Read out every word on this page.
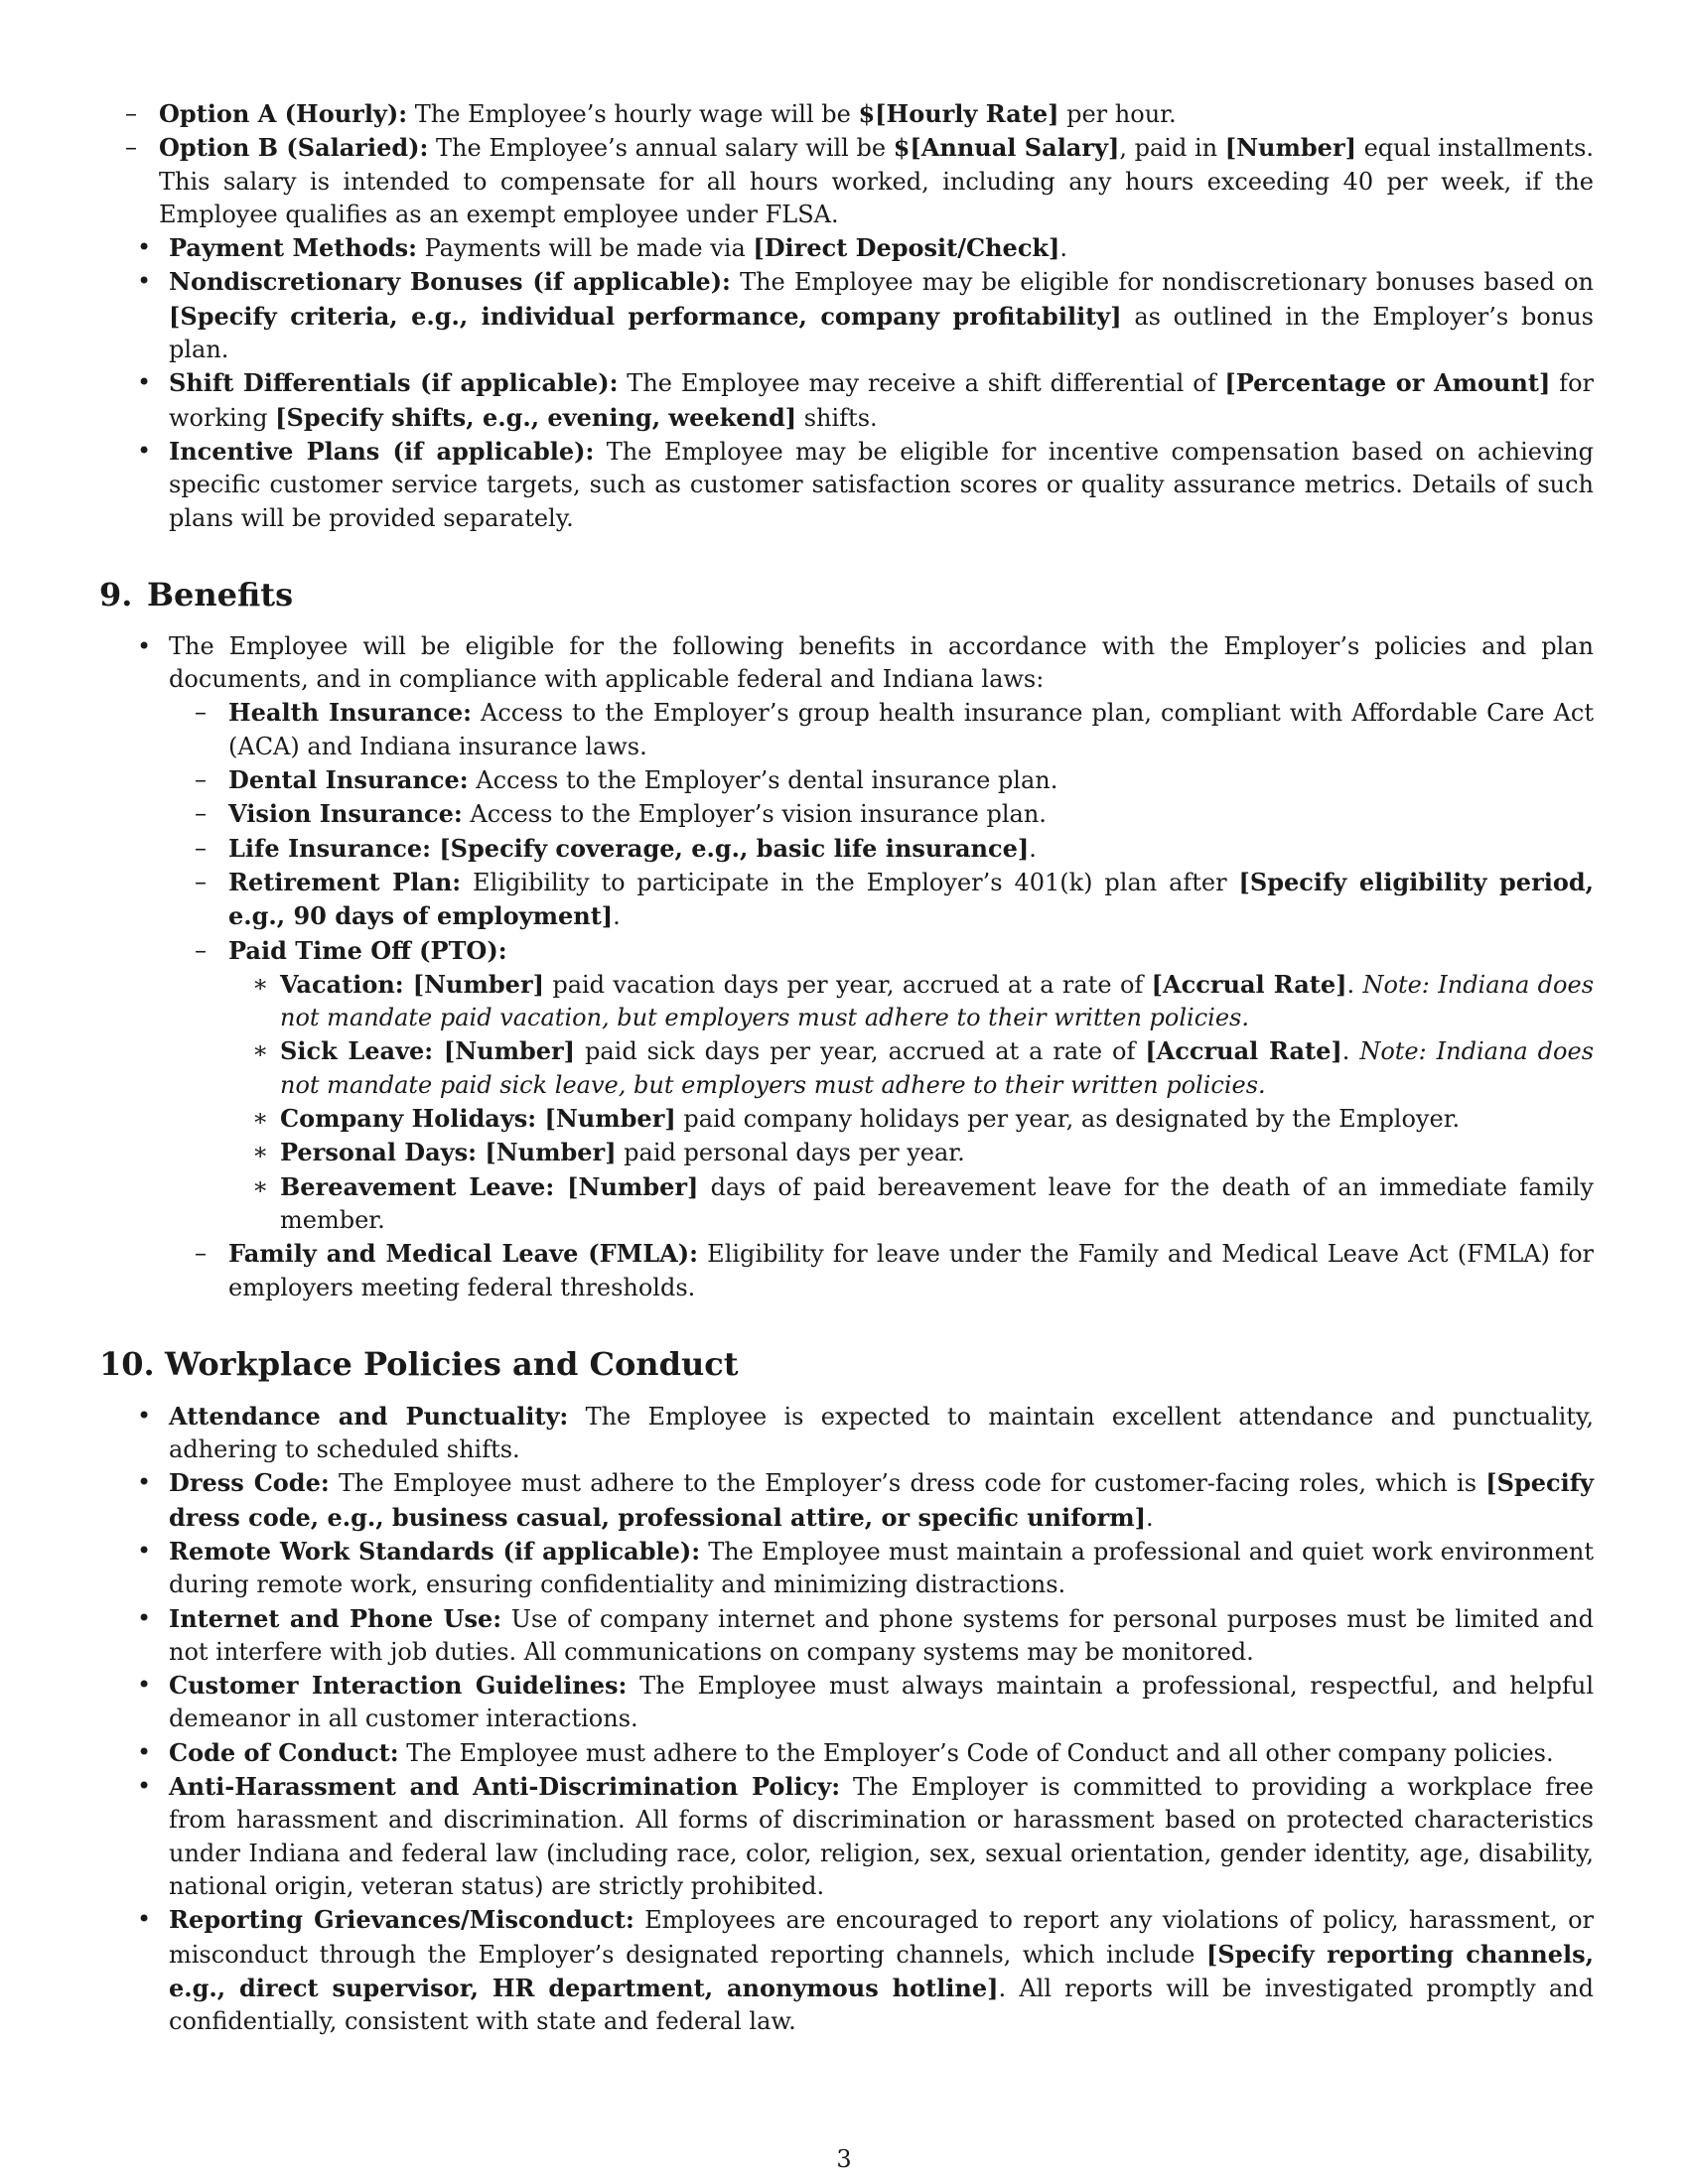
– Option A (Hourly): The Employee’s hourly wage will be $[Hourly Rate] per hour.
– Option B (Salaried): The Employee’s annual salary will be $[Annual Salary], paid in [Number] equal installments. This salary is intended to compensate for all hours worked, including any hours exceeding 40 per week, if the Employee qualifies as an exempt employee under FLSA.
• Payment Methods: Payments will be made via [Direct Deposit/Check].
• Nondiscretionary Bonuses (if applicable): The Employee may be eligible for nondiscretionary bonuses based on [Specify criteria, e.g., individual performance, company profitability] as outlined in the Employer’s bonus plan.
• Shift Differentials (if applicable): The Employee may receive a shift differential of [Percentage or Amount] for working [Specify shifts, e.g., evening, weekend] shifts.
• Incentive Plans (if applicable): The Employee may be eligible for incentive compensation based on achieving specific customer service targets, such as customer satisfaction scores or quality assurance metrics. Details of such plans will be provided separately.
9. Benefits
• The Employee will be eligible for the following benefits in accordance with the Employer’s policies and plan documents, and in compliance with applicable federal and Indiana laws:
– Health Insurance: Access to the Employer’s group health insurance plan, compliant with Affordable Care Act (ACA) and Indiana insurance laws.
– Dental Insurance: Access to the Employer’s dental insurance plan.
– Vision Insurance: Access to the Employer’s vision insurance plan.
– Life Insurance: [Specify coverage, e.g., basic life insurance].
– Retirement Plan: Eligibility to participate in the Employer’s 401(k) plan after [Specify eligibility period, e.g., 90 days of employment].
– Paid Time Off (PTO):
∗ Vacation: [Number] paid vacation days per year, accrued at a rate of [Accrual Rate]. Note: Indiana does not mandate paid vacation, but employers must adhere to their written policies.
∗ Sick Leave: [Number] paid sick days per year, accrued at a rate of [Accrual Rate]. Note: Indiana does not mandate paid sick leave, but employers must adhere to their written policies.
∗ Company Holidays: [Number] paid company holidays per year, as designated by the Employer.
∗ Personal Days: [Number] paid personal days per year.
∗ Bereavement Leave: [Number] days of paid bereavement leave for the death of an immediate family member.
– Family and Medical Leave (FMLA): Eligibility for leave under the Family and Medical Leave Act (FMLA) for employers meeting federal thresholds.
10. Workplace Policies and Conduct
• Attendance and Punctuality: The Employee is expected to maintain excellent attendance and punctuality, adhering to scheduled shifts.
• Dress Code: The Employee must adhere to the Employer’s dress code for customer-facing roles, which is [Specify dress code, e.g., business casual, professional attire, or specific uniform].
• Remote Work Standards (if applicable): The Employee must maintain a professional and quiet work environment during remote work, ensuring confidentiality and minimizing distractions.
• Internet and Phone Use: Use of company internet and phone systems for personal purposes must be limited and not interfere with job duties. All communications on company systems may be monitored.
• Customer Interaction Guidelines: The Employee must always maintain a professional, respectful, and helpful demeanor in all customer interactions.
• Code of Conduct: The Employee must adhere to the Employer’s Code of Conduct and all other company policies.
• Anti-Harassment and Anti-Discrimination Policy: The Employer is committed to providing a workplace free from harassment and discrimination. All forms of discrimination or harassment based on protected characteristics under Indiana and federal law (including race, color, religion, sex, sexual orientation, gender identity, age, disability, national origin, veteran status) are strictly prohibited.
• Reporting Grievances/Misconduct: Employees are encouraged to report any violations of policy, harassment, or misconduct through the Employer’s designated reporting channels, which include [Specify reporting channels, e.g., direct supervisor, HR department, anonymous hotline]. All reports will be investigated promptly and confidentially, consistent with state and federal law.
3
